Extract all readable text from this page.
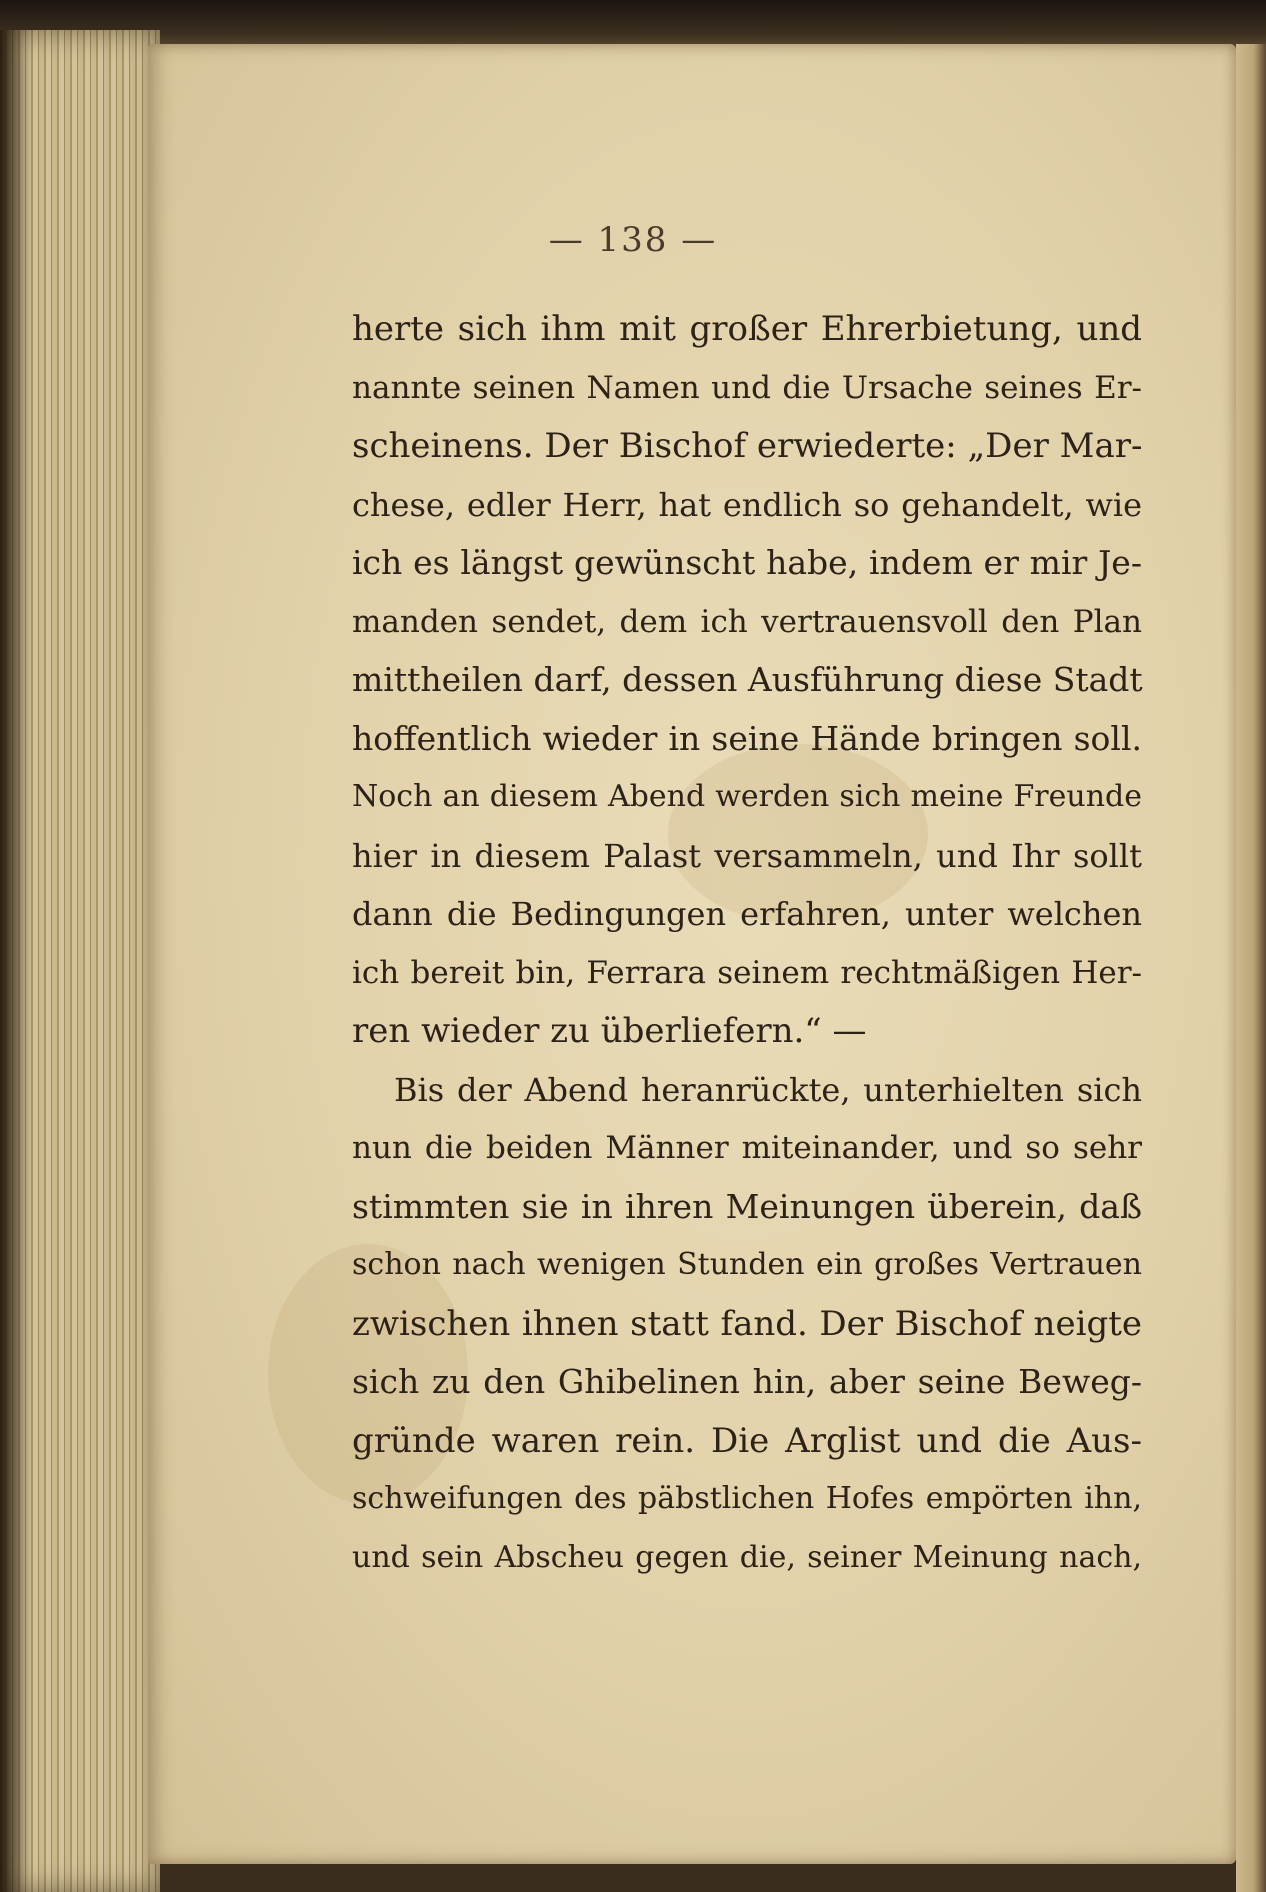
— 138 —
herte sich ihm mit großer Ehrerbietung, und
nannte seinen Namen und die Ursache seines Er-
scheinens. Der Bischof erwiederte: „Der Mar-
chese, edler Herr, hat endlich so gehandelt, wie
ich es längst gewünscht habe, indem er mir Je-
manden sendet, dem ich vertrauensvoll den Plan
mittheilen darf, dessen Ausführung diese Stadt
hoffentlich wieder in seine Hände bringen soll.
Noch an diesem Abend werden sich meine Freunde
hier in diesem Palast versammeln, und Ihr sollt
dann die Bedingungen erfahren, unter welchen
ich bereit bin, Ferrara seinem rechtmäßigen Her-
ren wieder zu überliefern.“ —
Bis der Abend heranrückte, unterhielten sich
nun die beiden Männer miteinander, und so sehr
stimmten sie in ihren Meinungen überein, daß
schon nach wenigen Stunden ein großes Vertrauen
zwischen ihnen statt fand. Der Bischof neigte
sich zu den Ghibelinen hin, aber seine Beweg-
gründe waren rein. Die Arglist und die Aus-
schweifungen des päbstlichen Hofes empörten ihn,
und sein Abscheu gegen die, seiner Meinung nach,
